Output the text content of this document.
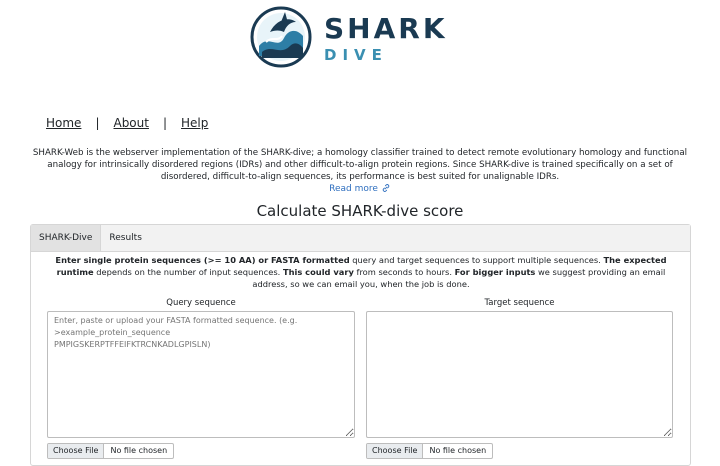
SHARK
DIVE
Home | About | Help
SHARK-Web is the webserver implementation of the SHARK-dive; a homology classifier trained to detect remote evolutionary homology and functional analogy for intrinsically disordered regions (IDRs) and other difficult-to-align protein regions. Since SHARK-dive is trained specifically on a set of disordered, difficult-to-align sequences, its performance is best suited for unalignable IDRs.
Read more
Calculate SHARK-dive score
SHARK-Dive	Results
Enter single protein sequences (>= 10 AA) or FASTA formatted query and target sequences to support multiple sequences. The expected runtime depends on the number of input sequences. This could vary from seconds to hours. For bigger inputs we suggest providing an email address, so we can email you, when the job is done.
Query sequence
Enter, paste or upload your FASTA formatted sequence. (e.g. >example_protein_sequence PMPIGSKERPTFFEIFKTRCNKADLGPISLN)	Target sequence
Choose File	No file chosen	Choose File	No file chosen
